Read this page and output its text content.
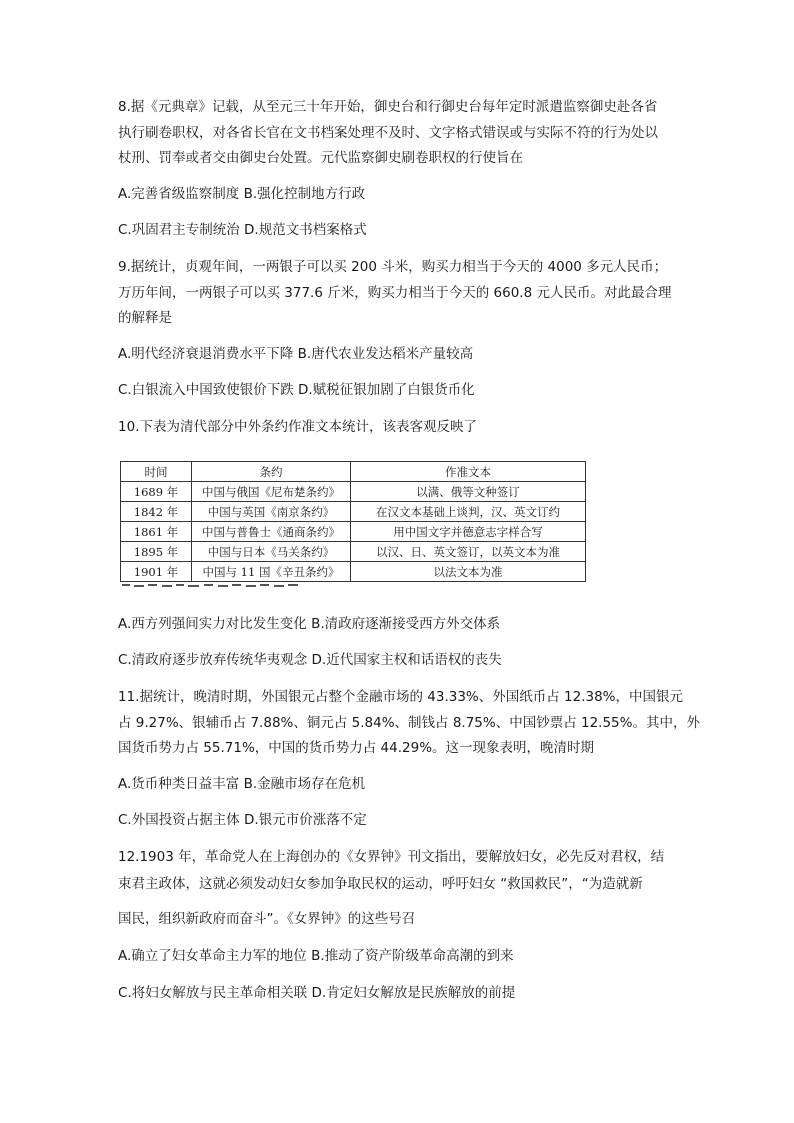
8.据《元典章》记载，从至元三十年开始，御史台和行御史台每年定时派遣监察御史赴各省
执行刷卷职权，对各省长官在文书档案处理不及时、文字格式错误或与实际不符的行为处以
杖刑、罚奉或者交由御史台处置。元代监察御史刷卷职权的行使旨在
A.完善省级监察制度 B.强化控制地方行政
C.巩固君主专制统治 D.规范文书档案格式
9.据统计，贞观年间，一两银子可以买 200 斗米，购买力相当于今天的 4000 多元人民币；
万历年间，一两银子可以买 377.6 斤米，购买力相当于今天的 660.8 元人民币。对此最合理
的解释是
A.明代经济衰退消费水平下降 B.唐代农业发达稻米产量较高
C.白银流入中国致使银价下跌 D.赋税征银加剧了白银货币化
10.下表为清代部分中外条约作准文本统计，该表客观反映了
时间	条约	作准文本
1689 年	中国与俄国《尼布楚条约》	以满、俄等文种签订
1842 年	中国与英国《南京条约》	在汉文本基础上谈判，汉、英文订约
1861 年	中国与普鲁士《通商条约》	用中国文字并德意志字样合写
1895 年	中国与日本《马关条约》	以汉、日、英文签订，以英文本为准
1901 年	中国与 11 国《辛丑条约》	以法文本为准
A.西方列强间实力对比发生变化 B.清政府逐渐接受西方外交体系
C.清政府逐步放弃传统华夷观念 D.近代国家主权和话语权的丧失
11.据统计，晚清时期，外国银元占整个金融市场的 43.33%、外国纸币占 12.38%，中国银元
占 9.27%、银辅币占 7.88%、铜元占 5.84%、制钱占 8.75%、中国钞票占 12.55%。其中，外
国货币势力占 55.71%，中国的货币势力占 44.29%。这一现象表明，晚清时期
A.货币种类日益丰富 B.金融市场存在危机
C.外国投资占据主体 D.银元市价涨落不定
12.1903 年，革命党人在上海创办的《女界钟》刊文指出，要解放妇女，必先反对君权，结
束君主政体，这就必须发动妇女参加争取民权的运动，呼吁妇女 “救国救民”，“为造就新
国民，组织新政府而奋斗”。《女界钟》的这些号召
A.确立了妇女革命主力军的地位 B.推动了资产阶级革命高潮的到来
C.将妇女解放与民主革命相关联 D.肯定妇女解放是民族解放的前提
